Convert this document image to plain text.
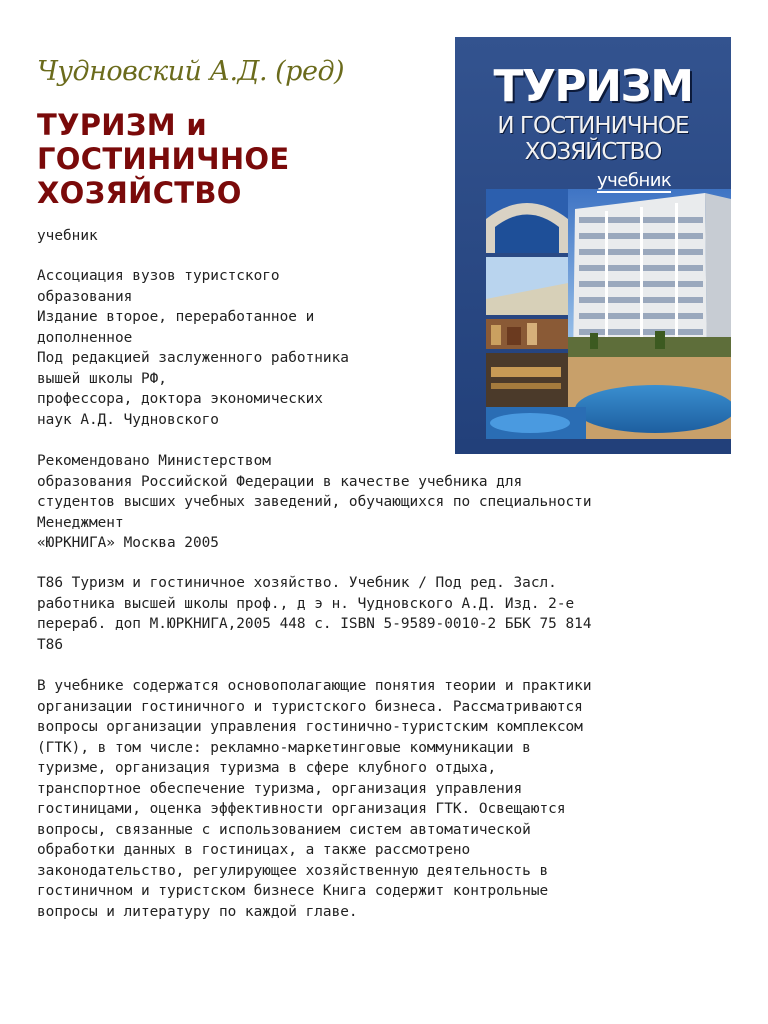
Чудновский А.Д. (ред)
ТУРИЗМ и
ГОСТИНИЧНОЕ
ХОЗЯЙСТВО
учебник
Ассоциация вузов туристского
образования
Издание второе, переработанное и
дополненное
Под редакцией заслуженного работника
вышей школы РФ,
профессора, доктора экономических
наук А.Д. Чудновского
Рекомендовано Министерством
образования Российской Федерации в качестве учебника для
студентов высших учебных заведений, обучающихся по специальности
Менеджмент
«ЮРКНИГА» Москва 2005
Т86 Туризм и гостиничное хозяйство. Учебник / Под ред. Засл.
работника высшей школы проф., д э н. Чудновского А.Д. Изд. 2-е
перераб. доп М.ЮРКНИГА,2005 448 с. ISBN 5-9589-0010-2 ББК 75 814
Т86
В учебнике содержатся основополагающие понятия теории и практики
организации гостиничного и туристского бизнеса. Рассматриваются
вопросы организации управления гостинично-туристским комплексом
(ГТК), в том числе: рекламно-маркетинговые коммуникации в
туризме, организация туризма в сфере клубного отдыха,
транспортное обеспечение туризма, организация управления
гостиницами, оценка эффективности организация ГТК. Освещаются
вопросы, связанные с использованием систем автоматической
обработки данных в гостиницах, а также рассмотрено
законодательство, регулирующее хозяйственную деятельность в
гостиничном и туристском бизнесе Книга содержит контрольные
вопросы и литературу по каждой главе.
ТУРИЗМ
И ГОСТИНИЧНОЕ
ХОЗЯЙСТВО
учебник
